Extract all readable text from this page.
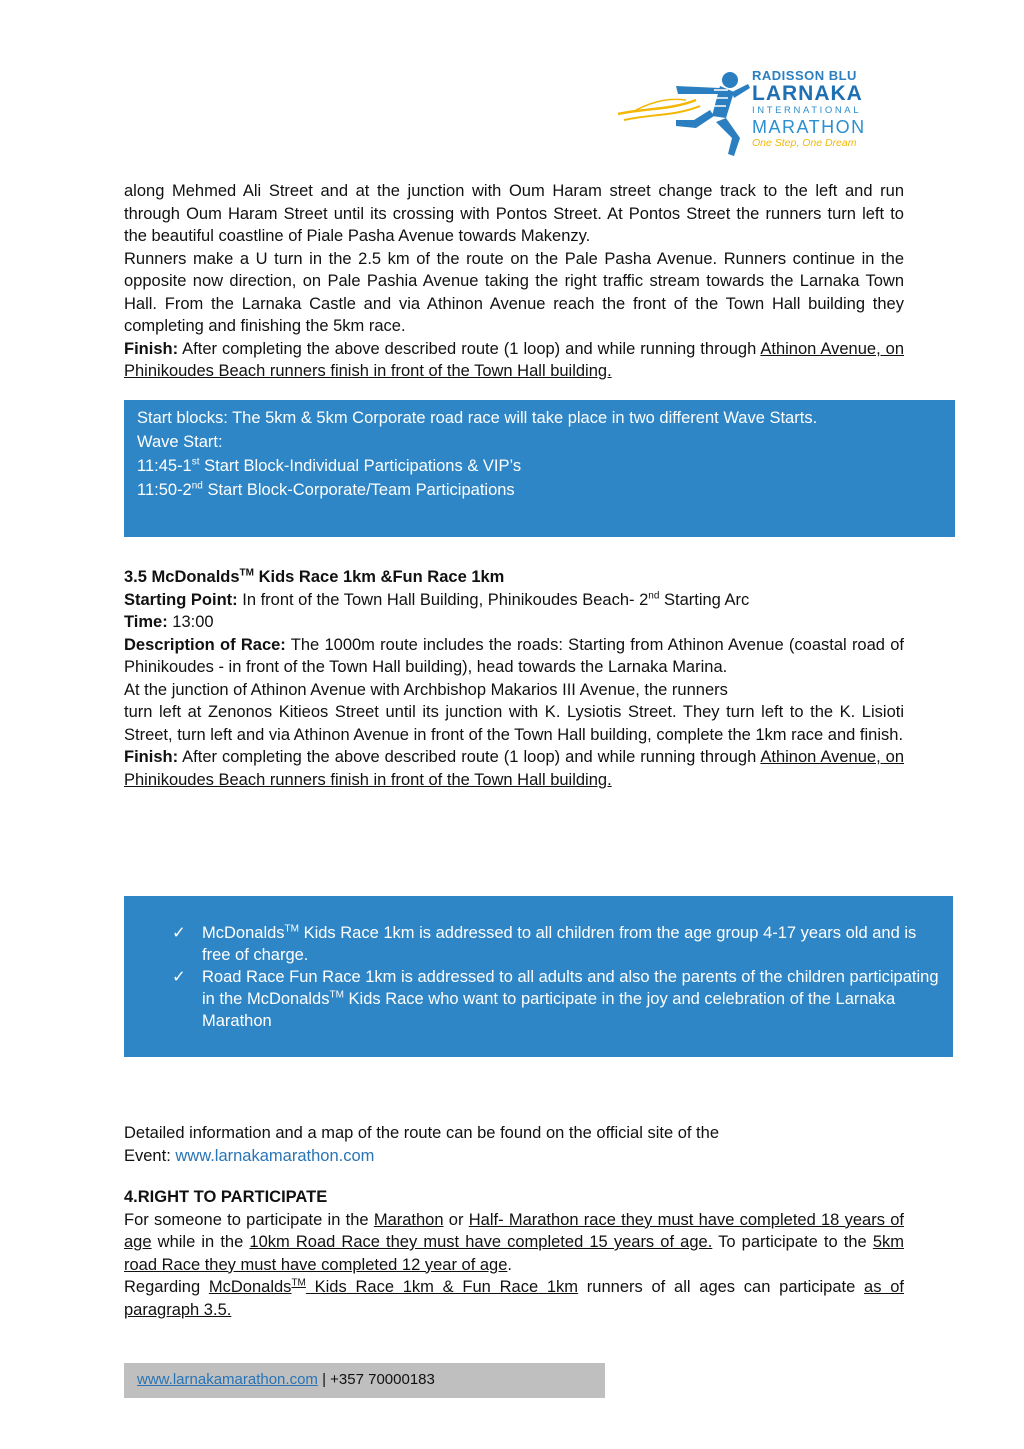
RADISSON BLU
LARNAKA
INTERNATIONAL
MARATHON
One Step, One Dream

along Mehmed Ali Street and at the junction with Oum Haram street change track to the left and run through Oum Haram Street until its crossing with Pontos Street. At Pontos Street the runners turn left to the beautiful coastline of Piale Pasha Avenue towards Makenzy.

Runners make a U turn in the 2.5 km of the route on the Pale Pasha Avenue. Runners continue in the opposite now direction, on Pale Pashia Avenue taking the right traffic stream towards the Larnaka Town Hall. From the Larnaka Castle and via Athinon Avenue reach the front of the Town Hall building they completing and finishing the 5km race.

Finish: After completing the above described route (1 loop) and while running through Athinon Avenue, on Phinikoudes Beach runners finish in front of the Town Hall building.

Start blocks: The 5km & 5km Corporate road race will take place in two different Wave Starts.
Wave Start:
11:45-1st Start Block-Individual Participations & VIP’s
11:50-2nd Start Block-Corporate/Team Participations

3.5 McDonalds™ Kids Race 1km &Fun Race 1km

Starting Point: In front of the Town Hall Building, Phinikoudes Beach- 2nd Starting Arc

Time: 13:00

Description of Race: The 1000m route includes the roads: Starting from Athinon Avenue (coastal road of Phinikoudes - in front of the Town Hall building), head towards the Larnaka Marina.

At the junction of Athinon Avenue with Archbishop Makarios III Avenue, the runners

turn left at Zenonos Kitieos Street until its junction with K. Lysiotis Street. They turn left to the K. Lisioti Street, turn left and via Athinon Avenue in front of the Town Hall building, complete the 1km race and finish.

Finish: After completing the above described route (1 loop) and while running through Athinon Avenue, on Phinikoudes Beach runners finish in front of the Town Hall building.

✓ McDonalds™ Kids Race 1km is addressed to all children from the age group 4-17 years old and is free of charge.
✓ Road Race Fun Race 1km is addressed to all adults and also the parents of the children participating in the McDonalds™ Kids Race who want to participate in the joy and celebration of the Larnaka Marathon

Detailed information and a map of the route can be found on the official site of the

Event: www.larnakamarathon.com

4.RIGHT TO PARTICIPATE

For someone to participate in the Marathon or Half- Marathon race they must have completed 18 years of age while in the 10km Road Race they must have completed 15 years of age. To participate to the 5km road Race they must have completed 12 year of age.

Regarding McDonalds™ Kids Race 1km & Fun Race 1km runners of all ages can participate as of paragraph 3.5.

www.larnakamarathon.com | +357 70000183
